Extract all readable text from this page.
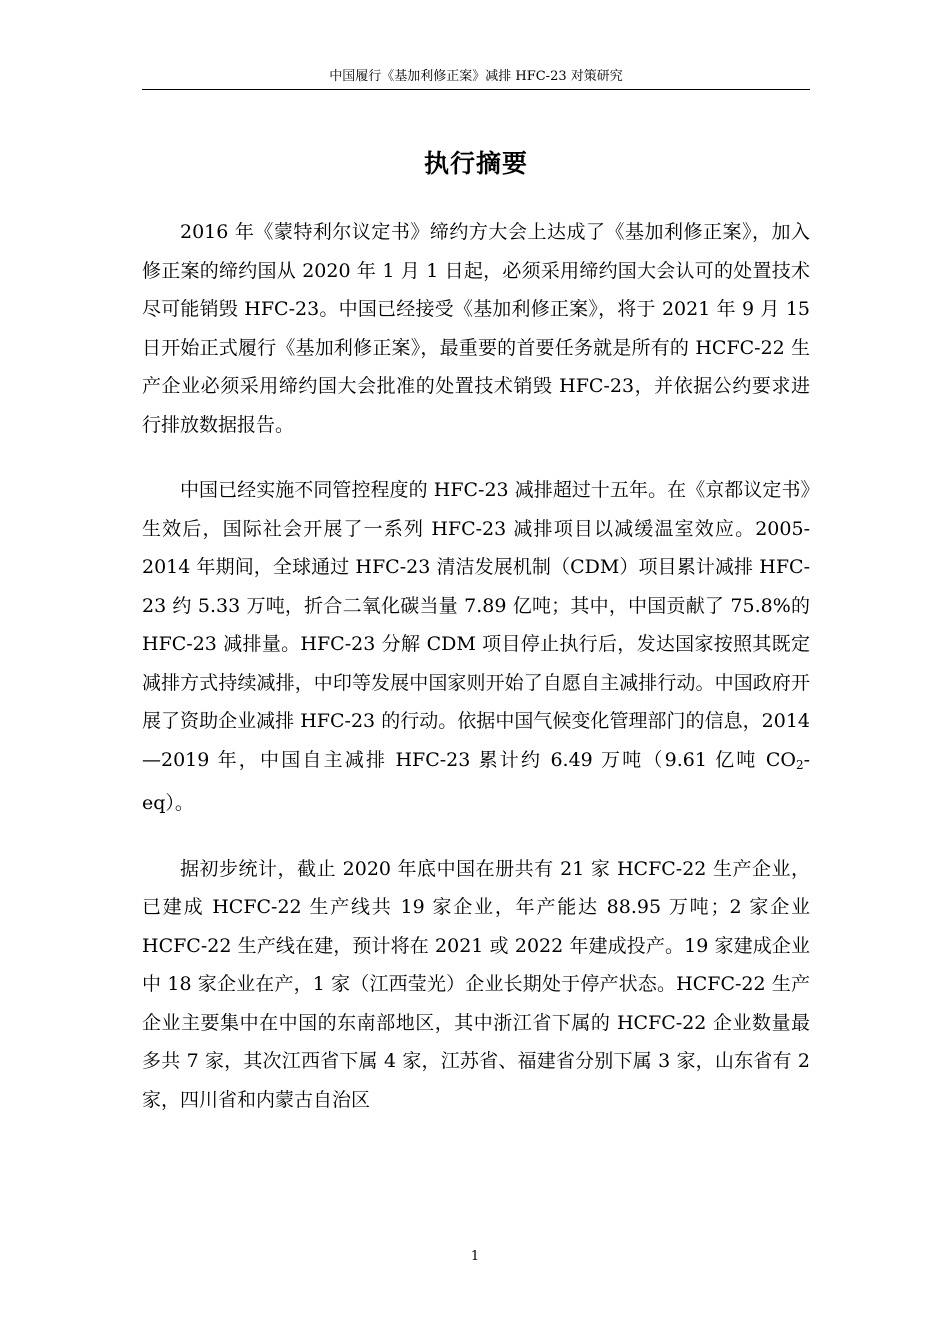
中国履行《基加利修正案》减排 HFC-23 对策研究
执行摘要

2016 年《蒙特利尔议定书》缔约方大会上达成了《基加利修正案》，加入修正案的缔约国从 2020 年 1 月 1 日起，必须采用缔约国大会认可的处置技术尽可能销毁 HFC-23。中国已经接受《基加利修正案》，将于 2021 年 9 月 15 日开始正式履行《基加利修正案》，最重要的首要任务就是所有的 HCFC-22 生产企业必须采用缔约国大会批准的处置技术销毁 HFC-23，并依据公约要求进行排放数据报告。

中国已经实施不同管控程度的 HFC-23 减排超过十五年。在《京都议定书》生效后，国际社会开展了一系列 HFC-23 减排项目以减缓温室效应。2005-2014 年期间，全球通过 HFC-23 清洁发展机制（CDM）项目累计减排 HFC-23 约 5.33 万吨，折合二氧化碳当量 7.89 亿吨；其中，中国贡献了 75.8%的 HFC-23 减排量。HFC-23 分解 CDM 项目停止执行后，发达国家按照其既定减排方式持续减排，中印等发展中国家则开始了自愿自主减排行动。中国政府开展了资助企业减排 HFC-23 的行动。依据中国气候变化管理部门的信息，2014—2019 年，中国自主减排 HFC-23 累计约 6.49 万吨（9.61 亿吨 $CO_2-eq$）。

据初步统计，截止 2020 年底中国在册共有 21 家 HCFC-22 生产企业，已建成 HCFC-22 生产线共 19 家企业，年产能达 88.95 万吨；2 家企业 HCFC-22 生产线在建，预计将在 2021 或 2022 年建成投产。19 家建成企业中 18 家企业在产，1 家（江西莹光）企业长期处于停产状态。HCFC-22 生产企业主要集中在中国的东南部地区，其中浙江省下属的 HCFC-22 企业数量最多共 7 家，其次江西省下属 4 家，江苏省、福建省分别下属 3 家，山东省有 2 家，四川省和内蒙古自治区

1
